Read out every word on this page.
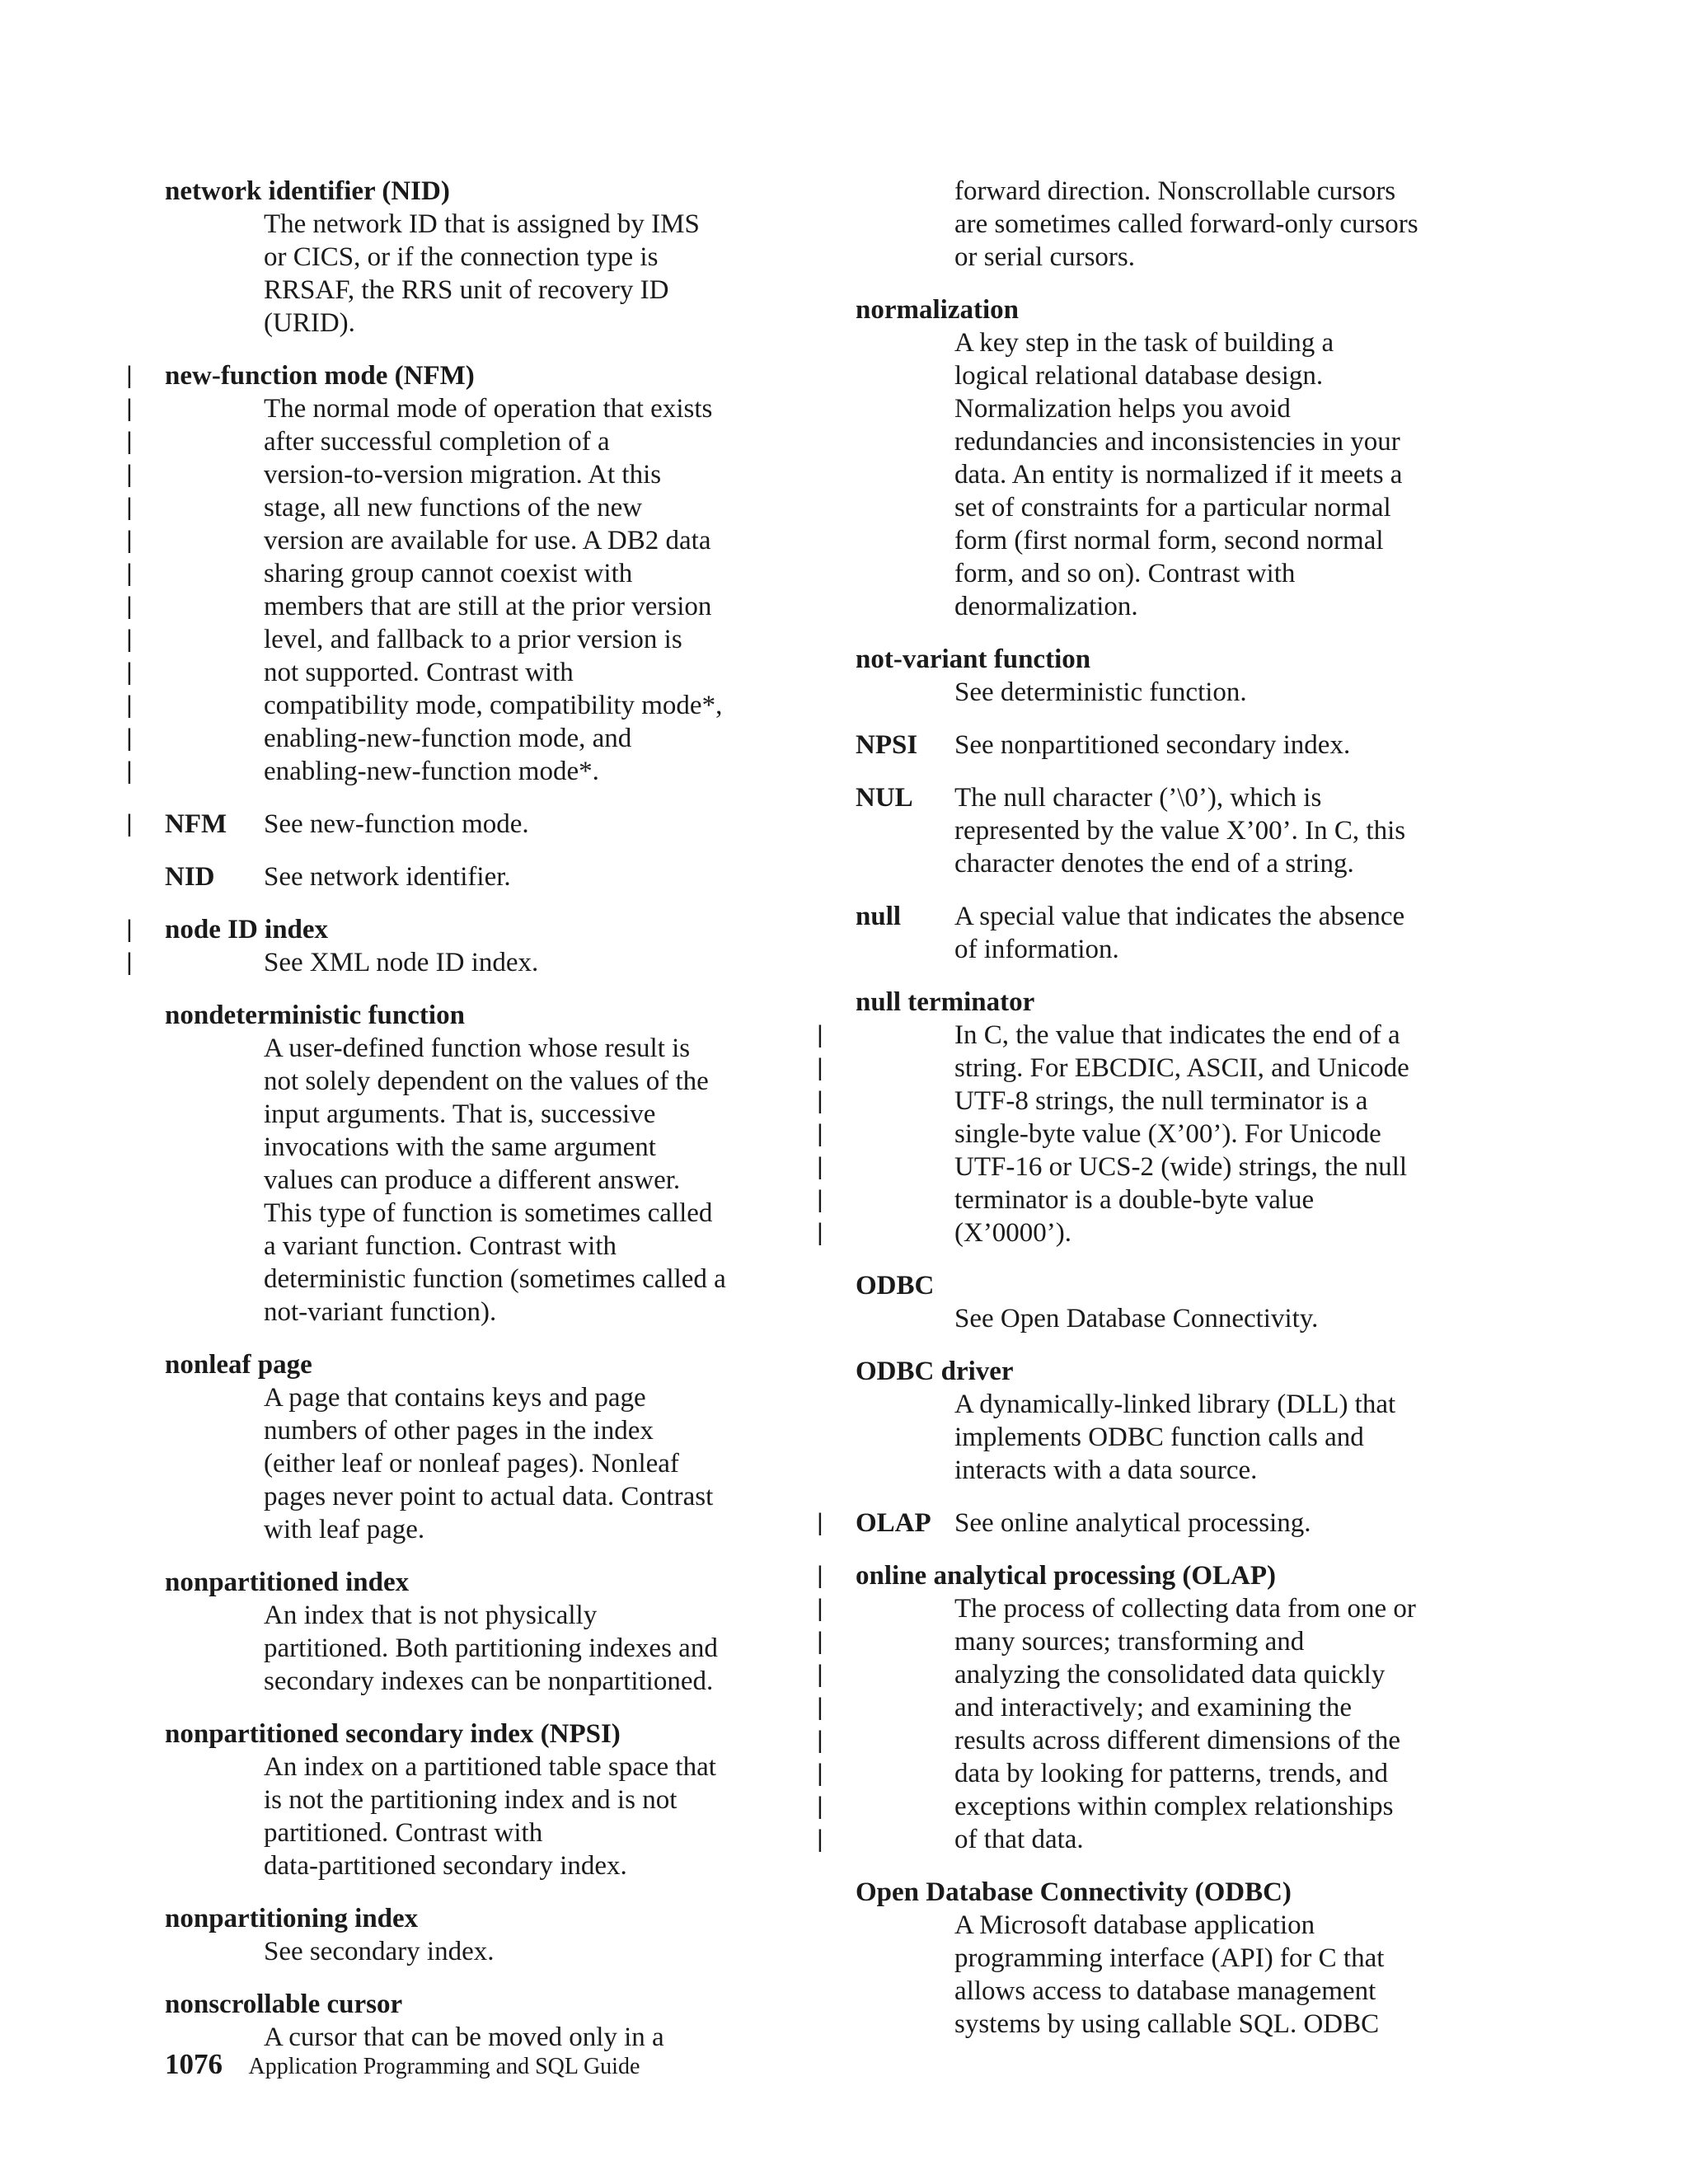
network identifier (NID)
The network ID that is assigned by IMS
or CICS, or if the connection type is
RRSAF, the RRS unit of recovery ID
(URID).
|
|
|
|
|
|
|
|
|
|
|
|
|
new-function mode (NFM)
The normal mode of operation that exists
after successful completion of a
version-to-version migration. At this
stage, all new functions of the new
version are available for use. A DB2 data
sharing group cannot coexist with
members that are still at the prior version
level, and fallback to a prior version is
not supported. Contrast with
compatibility mode, compatibility mode*,
enabling-new-function mode, and
enabling-new-function mode*.
| NFM	See new-function mode.
NID	See network identifier.
|
|
node ID index
See XML node ID index.
nondeterministic function
A user-defined function whose result is
not solely dependent on the values of the
input arguments. That is, successive
invocations with the same argument
values can produce a different answer.
This type of function is sometimes called
a variant function. Contrast with
deterministic function (sometimes called a
not-variant function).
nonleaf page
A page that contains keys and page
numbers of other pages in the index
(either leaf or nonleaf pages). Nonleaf
pages never point to actual data. Contrast
with leaf page.
nonpartitioned index
An index that is not physically
partitioned. Both partitioning indexes and
secondary indexes can be nonpartitioned.
nonpartitioned secondary index (NPSI)
An index on a partitioned table space that
is not the partitioning index and is not
partitioned. Contrast with
data-partitioned secondary index.
nonpartitioning index
See secondary index.
nonscrollable cursor
A cursor that can be moved only in a
forward direction. Nonscrollable cursors
are sometimes called forward-only cursors
or serial cursors.
normalization
A key step in the task of building a
logical relational database design.
Normalization helps you avoid
redundancies and inconsistencies in your
data. An entity is normalized if it meets a
set of constraints for a particular normal
form (first normal form, second normal
form, and so on). Contrast with
denormalization.
not-variant function
See deterministic function.
NPSI	See nonpartitioned secondary index.
NUL	The null character (’\0’), which is
represented by the value X’00’. In C, this
character denotes the end of a string.
null	A special value that indicates the absence
of information.
|
|
|
|
|
|
|
null terminator
In C, the value that indicates the end of a
string. For EBCDIC, ASCII, and Unicode
UTF-8 strings, the null terminator is a
single-byte value (X’00’). For Unicode
UTF-16 or UCS-2 (wide) strings, the null
terminator is a double-byte value
(X’0000’).
ODBC
See Open Database Connectivity.
ODBC driver
A dynamically-linked library (DLL) that
implements ODBC function calls and
interacts with a data source.
| OLAP See online analytical processing.
|
|
|
|
|
|
|
|
|
online analytical processing (OLAP)
The process of collecting data from one or
many sources; transforming and
analyzing the consolidated data quickly
and interactively; and examining the
results across different dimensions of the
data by looking for patterns, trends, and
exceptions within complex relationships
of that data.
Open Database Connectivity (ODBC)
A Microsoft database application
programming interface (API) for C that
allows access to database management
systems by using callable SQL. ODBC
1076 Application Programming and SQL Guide
